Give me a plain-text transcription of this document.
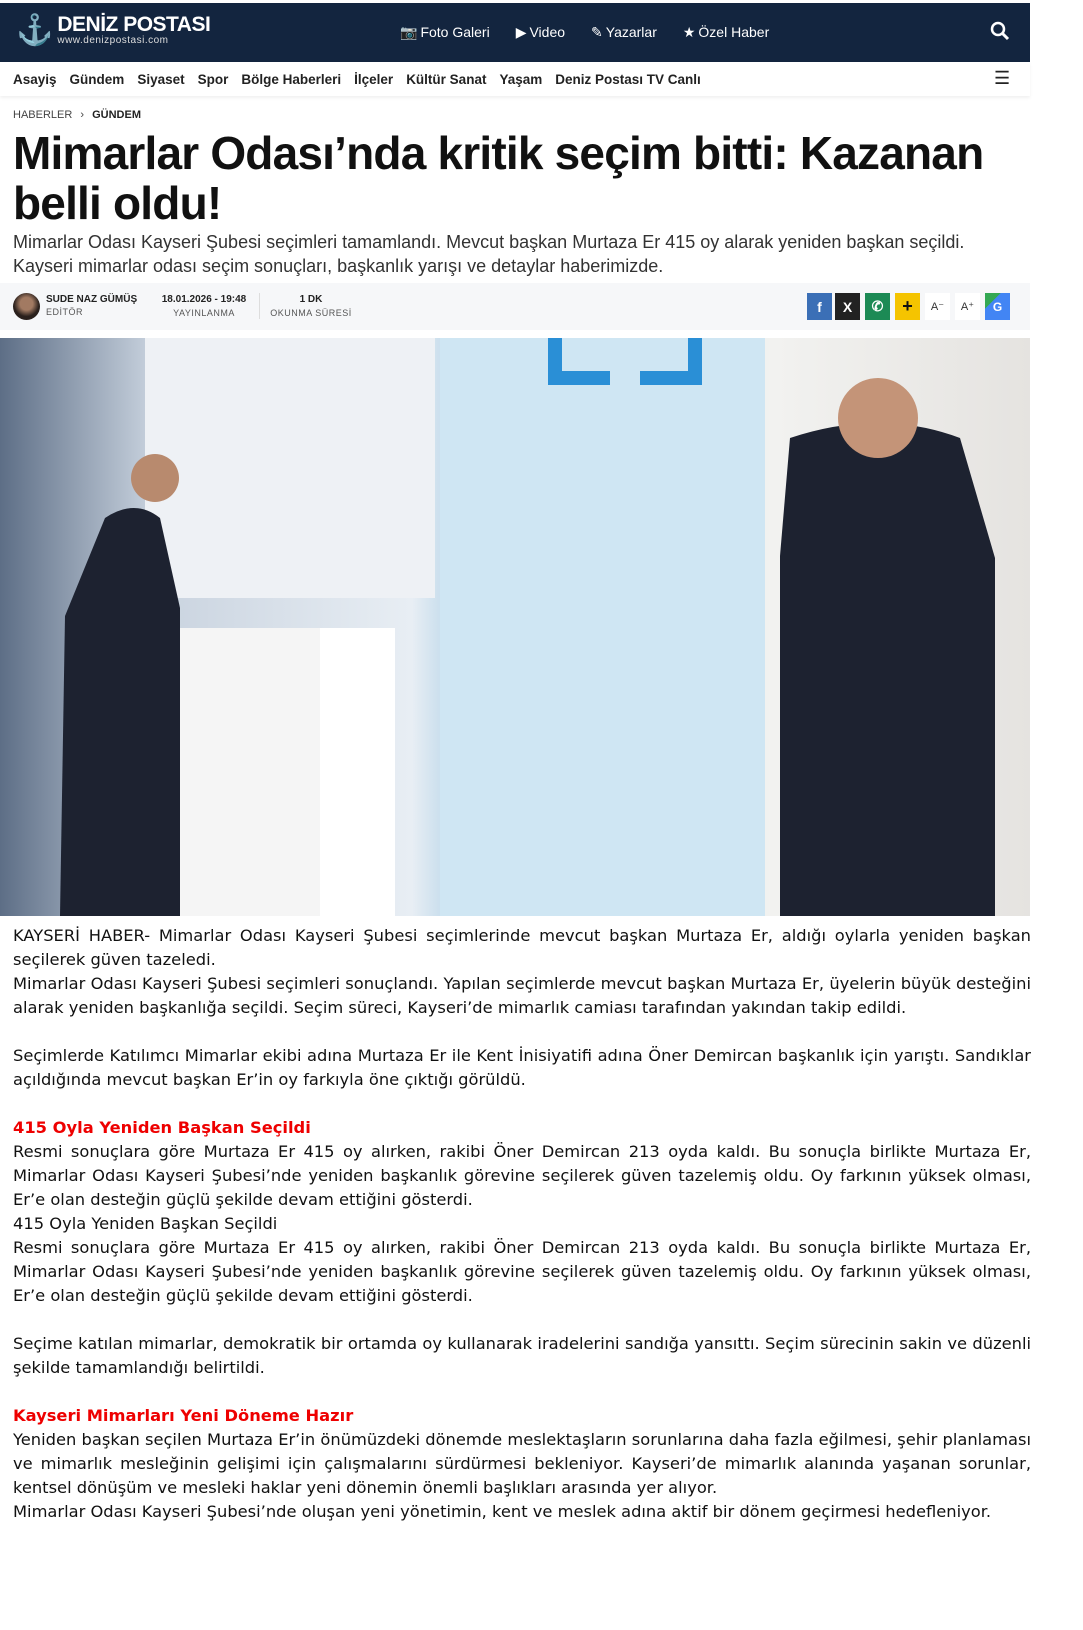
⚓ DENİZ POSTASI
www.denizpostasi.com
📷 Foto Galeri ▶ Video ✎ Yazarlar ★ Özel Haber
Asayiş Gündem Siyaset Spor Bölge Haberleri İlçeler Kültür Sanat Yaşam Deniz Postası TV Canlı	☰
HABERLER › GÜNDEM
Mimarlar Odası’nda kritik seçim bitti: Kazanan belli oldu!
Mimarlar Odası Kayseri Şubesi seçimleri tamamlandı. Mevcut başkan Murtaza Er 415 oy alarak yeniden başkan seçildi. Kayseri mimarlar odası seçim sonuçları, başkanlık yarışı ve detaylar haberimizde.
SUDE NAZ GÜMÜŞ
EDİTÖR
18.01.2026 - 19:48
YAYINLANMA
1 DK
OKUNMA SÜRESİ	f X ✆ + A⁻ A⁺ G

KAYSERİ HABER- Mimarlar Odası Kayseri Şubesi seçimlerinde mevcut başkan Murtaza Er, aldığı oylarla yeniden başkan seçilerek güven tazeledi.

Mimarlar Odası Kayseri Şubesi seçimleri sonuçlandı. Yapılan seçimlerde mevcut başkan Murtaza Er, üyelerin büyük desteğini alarak yeniden başkanlığa seçildi. Seçim süreci, Kayseri’de mimarlık camiası tarafından yakından takip edildi.

Seçimlerde Katılımcı Mimarlar ekibi adına Murtaza Er ile Kent İnisiyatifi adına Öner Demircan başkanlık için yarıştı. Sandıklar açıldığında mevcut başkan Er’in oy farkıyla öne çıktığı görüldü.

415 Oyla Yeniden Başkan Seçildi

Resmi sonuçlara göre Murtaza Er 415 oy alırken, rakibi Öner Demircan 213 oyda kaldı. Bu sonuçla birlikte Murtaza Er, Mimarlar Odası Kayseri Şubesi’nde yeniden başkanlık görevine seçilerek güven tazelemiş oldu. Oy farkının yüksek olması, Er’e olan desteğin güçlü şekilde devam ettiğini gösterdi.

415 Oyla Yeniden Başkan Seçildi

Resmi sonuçlara göre Murtaza Er 415 oy alırken, rakibi Öner Demircan 213 oyda kaldı. Bu sonuçla birlikte Murtaza Er, Mimarlar Odası Kayseri Şubesi’nde yeniden başkanlık görevine seçilerek güven tazelemiş oldu. Oy farkının yüksek olması, Er’e olan desteğin güçlü şekilde devam ettiğini gösterdi.

Seçime katılan mimarlar, demokratik bir ortamda oy kullanarak iradelerini sandığa yansıttı. Seçim sürecinin sakin ve düzenli şekilde tamamlandığı belirtildi.

Kayseri Mimarları Yeni Döneme Hazır

Yeniden başkan seçilen Murtaza Er’in önümüzdeki dönemde meslektaşların sorunlarına daha fazla eğilmesi, şehir planlaması ve mimarlık mesleğinin gelişimi için çalışmalarını sürdürmesi bekleniyor. Kayseri’de mimarlık alanında yaşanan sorunlar, kentsel dönüşüm ve mesleki haklar yeni dönemin önemli başlıkları arasında yer alıyor.

Mimarlar Odası Kayseri Şubesi’nde oluşan yeni yönetimin, kent ve meslek adına aktif bir dönem geçirmesi hedefleniyor.
